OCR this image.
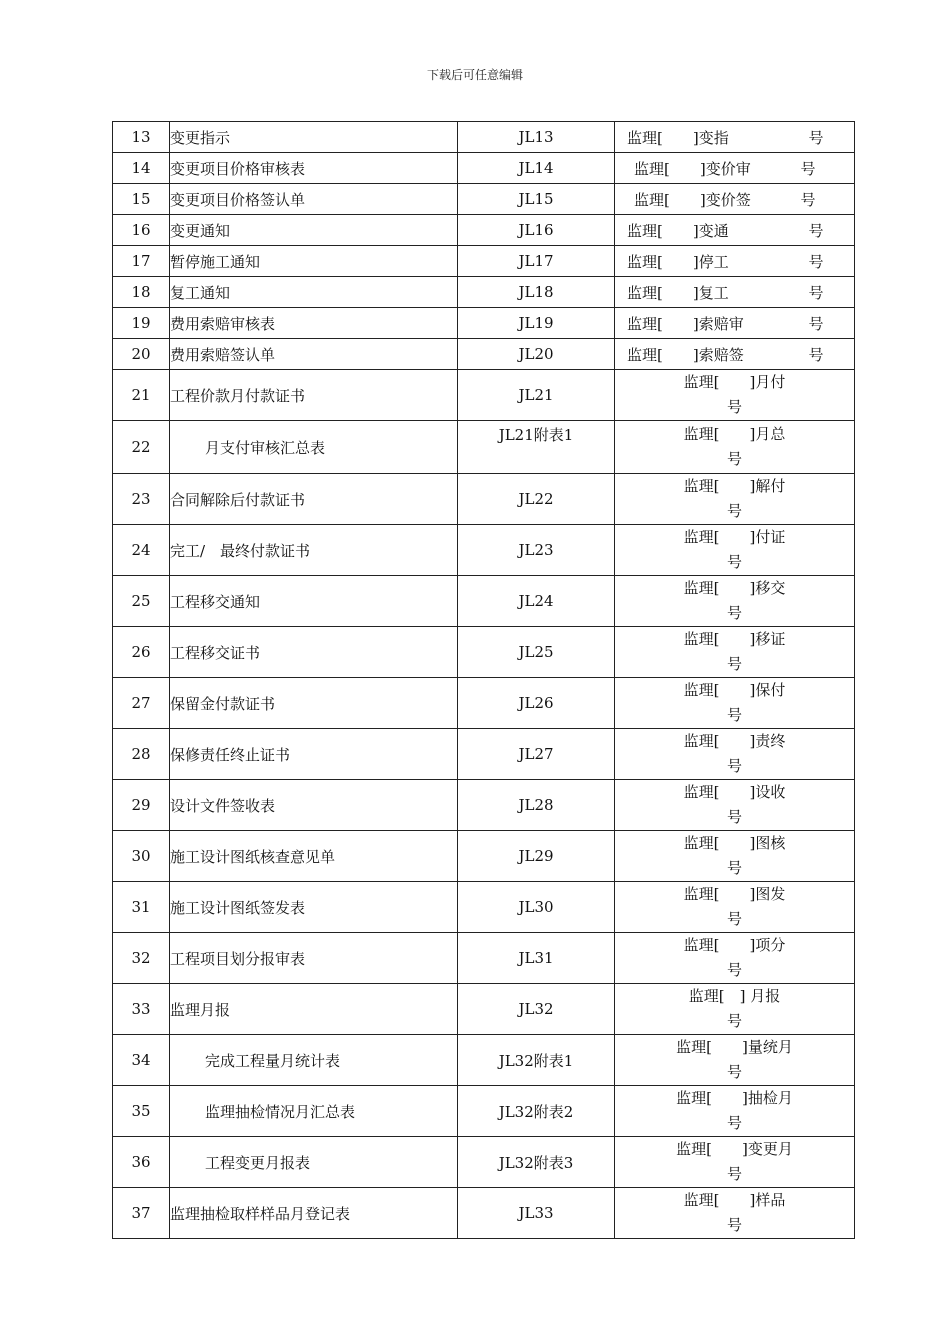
下载后可任意编辑
13	变更指示	JL13	监理[　　]变指　　　　　 号
14	变更项目价格审核表	JL14	监理[　　]变价审　　　 号
15	变更项目价格签认单	JL15	监理[　　]变价签　　　 号
16	变更通知	JL16	监理[　　]变通　　　　　 号
17	暂停施工通知	JL17	监理[　　]停工　　　　　 号
18	复工通知	JL18	监理[　　]复工　　　　　 号
19	费用索赔审核表	JL19	监理[　　]索赔审　　　　 号
20	费用索赔签认单	JL20	监理[　　]索赔签　　　　 号
21	工程价款月付款证书	JL21	监理[　　]月付
号
22	月支付审核汇总表	JL21附表1	监理[　　]月总
号
23	合同解除后付款证书	JL22	监理[　　]解付
号
24	完工/　最终付款证书	JL23	监理[　　]付证
号
25	工程移交通知	JL24	监理[　　]移交
号
26	工程移交证书	JL25	监理[　　]移证
号
27	保留金付款证书	JL26	监理[　　]保付
号
28	保修责任终止证书	JL27	监理[　　]责终
号
29	设计文件签收表	JL28	监理[　　]设收
号
30	施工设计图纸核查意见单	JL29	监理[　　]图核
号
31	施工设计图纸签发表	JL30	监理[　　]图发
号
32	工程项目划分报审表	JL31	监理[　　]项分
号
33	监理月报	JL32	监理[　] 月报
号
34	完成工程量月统计表	JL32附表1	监理[　　]量统月
号
35	监理抽检情况月汇总表	JL32附表2	监理[　　]抽检月
号
36	工程变更月报表	JL32附表3	监理[　　]变更月
号
37	监理抽检取样样品月登记表	JL33	监理[　　]样品
号
